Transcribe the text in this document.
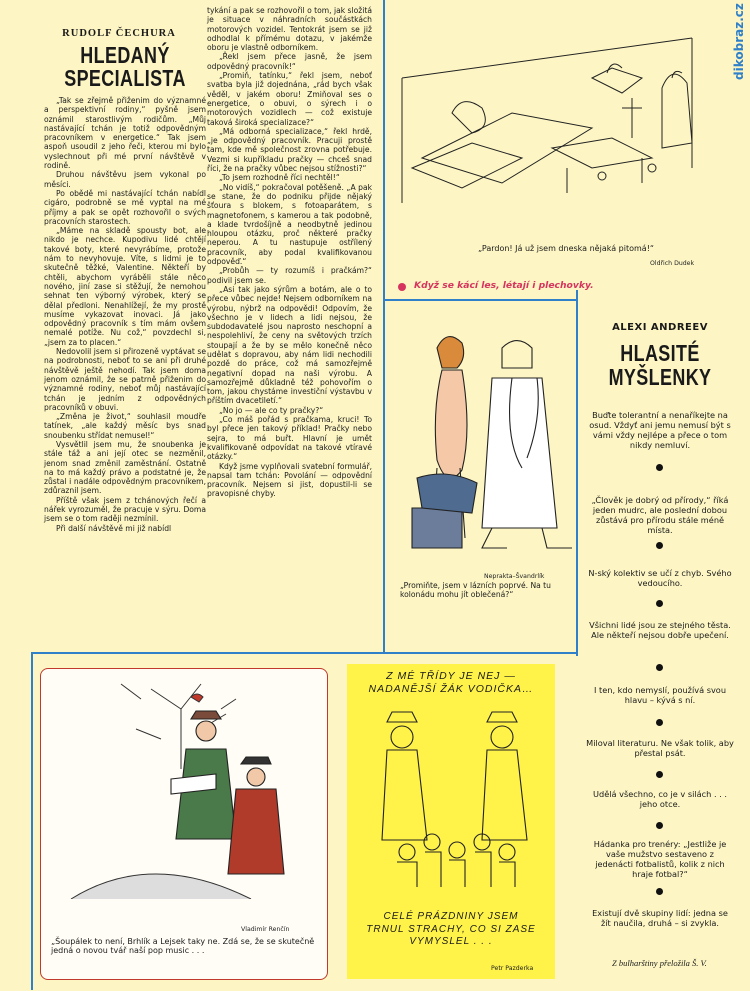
dikobraz.cz
RUDOLF ČECHURA
HLEDANÝ
SPECIALISTA

„Tak se zřejmě přiženim do významné a perspektivní rodiny,“ pyšně jsem oznámil starostlivým rodičům. „Můj nastávající tchán je totiž odpovědným pracovníkem v energetice.“ Tak jsem aspoň usoudil z jeho řeči, kterou mi bylo vyslechnout při mé první návštěvě v rodině.

Druhou návštěvu jsem vykonal po měsíci.

Po obědě mi nastávající tchán nabídl cigáro, podrobně se mě vyptal na mé příjmy a pak se opět rozhovořil o svých pracovních starostech.

„Máme na skladě spousty bot, ale nikdo je nechce. Kupodivu lidé chtějí takové boty, které nevyrábíme, protože nám to nevyhovuje. Víte, s lidmi je to skutečně těžké, Valentine. Někteří by chtěli, abychom vyráběli stále něco nového, jiní zase si stěžují, že nemohou sehnat ten výborný výrobek, který se dělal předloni. Nenahlížejí, že my prostě musíme vykazovat inovaci. Já jako odpovědný pracovník s tím mám ovšem nemalé potíže. Nu což,“ povzdechl si, „jsem za to placen.“

Nedovolil jsem si přirozeně vyptávat se na podrobnosti, neboť to se ani při druhé návštěvě ještě nehodí. Tak jsem doma jenom oznámil, že se patrně přiženim do významné rodiny, neboť můj nastávající tchán je jedním z odpovědných pracovníků v obuvi.

„Změna je život,“ souhlasil moudře tatínek, „ale každý měsíc bys snad snoubenku střídat nemusel!“

Vysvětlil jsem mu, že snoubenka je stále táž a ani její otec se nezměnil, jenom snad změnil zaměstnání. Ostatně na to má každý právo a podstatné je, že zůstal i nadále odpovědným pracovníkem, zdůraznil jsem.

Příště však jsem z tchánových řečí a nářek vyrozuměl, že pracuje v sýru. Doma jsem se o tom raději nezmínil.

Při další návštěvě mi již nabídl

tykání a pak se rozhovořil o tom, jak složitá je situace v náhradních součástkách motorových vozidel. Tentokrát jsem se již odhodlal k přímému dotazu, v jakémže oboru je vlastně odborníkem.

„Řekl jsem přece jasně, že jsem odpovědný pracovník!“

„Promiň, tatínku,“ řekl jsem, neboť svatba byla již dojednána, „rád bych však věděl, v jakém oboru! Zmiňoval ses o energetice, o obuvi, o sýrech i o motorových vozidlech — což existuje taková široká specializace?“

„Má odborná specializace,“ řekl hrdě, „je odpovědný pracovník. Pracuji prostě tam, kde mě společnost zrovna potřebuje. Vezmi si kupříkladu pračky — chceš snad říci, že na pračky vůbec nejsou stížnosti?“

„To jsem rozhodně říci nechtěl!“

„No vidíš,“ pokračoval potěšeně. „A pak se stane, že do podniku přijde nějaký šťoura s blokem, s fotoaparátem, s magnetofonem, s kamerou a tak podobně, a klade tvrdošíjně a neodbytně jedinou hloupou otázku, proč některé pračky neperou. A tu nastupuje ostřílený pracovník, aby podal kvalifikovanou odpověď.“

„Probůh — ty rozumíš i pračkám?“ podivil jsem se.

„Asi tak jako sýrům a botám, ale o to přece vůbec nejde! Nejsem odborníkem na výrobu, nýbrž na odpovědi! Odpovím, že všechno je v lidech a lidi nejsou, že subdodavatelé jsou naprosto neschopní a nespolehliví, že ceny na světových trzích stoupají a že by se mělo konečně něco udělat s dopravou, aby nám lidi nechodili pozdě do práce, což má samozřejmě negativní dopad na naši výrobu. A samozřejmě důkladně též pohovořím o tom, jakou chystáme investiční výstavbu v příštím dvacetiletí.“

„No jo — ale co ty pračky?“

„Co máš pořád s pračkama, kruci! To byl přece jen takový příklad! Pračky nebo sejra, to má buřt. Hlavní je umět kvalifikovaně odpovídat na takové vtíravé otázky.“

Když jsme vyplňovali svatební formulář, napsal tam tchán: Povolání — odpovědní pracovník. Nejsem si jist, dopustil-li se pravopisné chyby.

„Pardon! Já už jsem dneska nějaká pitomá!“
Oldřich Dudek
Když se kácí les, létají i plechovky.
Neprakta–Švandrlík
„Promiňte, jsem v lázních poprvé. Na tu kolonádu mohu jít oblečená?“
ALEXI ANDREEV
HLASITÉ
MYŠLENKY
Buďte tolerantní a nenaříkejte na osud. Vždyť ani jemu nemusí být s vámi vždy nejlépe a přece o tom nikdy nemluví.
„Člověk je dobrý od přírody,“ říká jeden mudrc, ale poslední dobou zůstává pro přírodu stále méně místa.
N-ský kolektiv se učí z chyb. Svého vedoucího.
Všichni lidé jsou ze stejného těsta. Ale někteří nejsou dobře upečení.
I ten, kdo nemyslí, používá svou hlavu – kývá s ní.
Miloval literaturu. Ne však tolik, aby přestal psát.
Udělá všechno, co je v silách . . . jeho otce.
Hádanka pro trenéry: „Jestliže je vaše mužstvo sestaveno z jedenácti fotbalistů, kolik z nich hraje fotbal?“
Existují dvě skupiny lidí: jedna se žít naučila, druhá – si zvykla.
Z bulharštiny přeložila Š. V.
Vladimír Renčín
„Šoupálek to není, Brhlík a Lejsek taky ne. Zdá se, že se skutečně jedná o novou tvář naší pop music . . .
Z MÉ TŘÍDY JE NEJ —
NADANĚJŠÍ ŽÁK VODIČKA…
CELÉ PRÁZDNINY JSEM
TRNUL STRACHY, CO SI ZASE
VYMYSLEL . . .
Petr Pazderka
